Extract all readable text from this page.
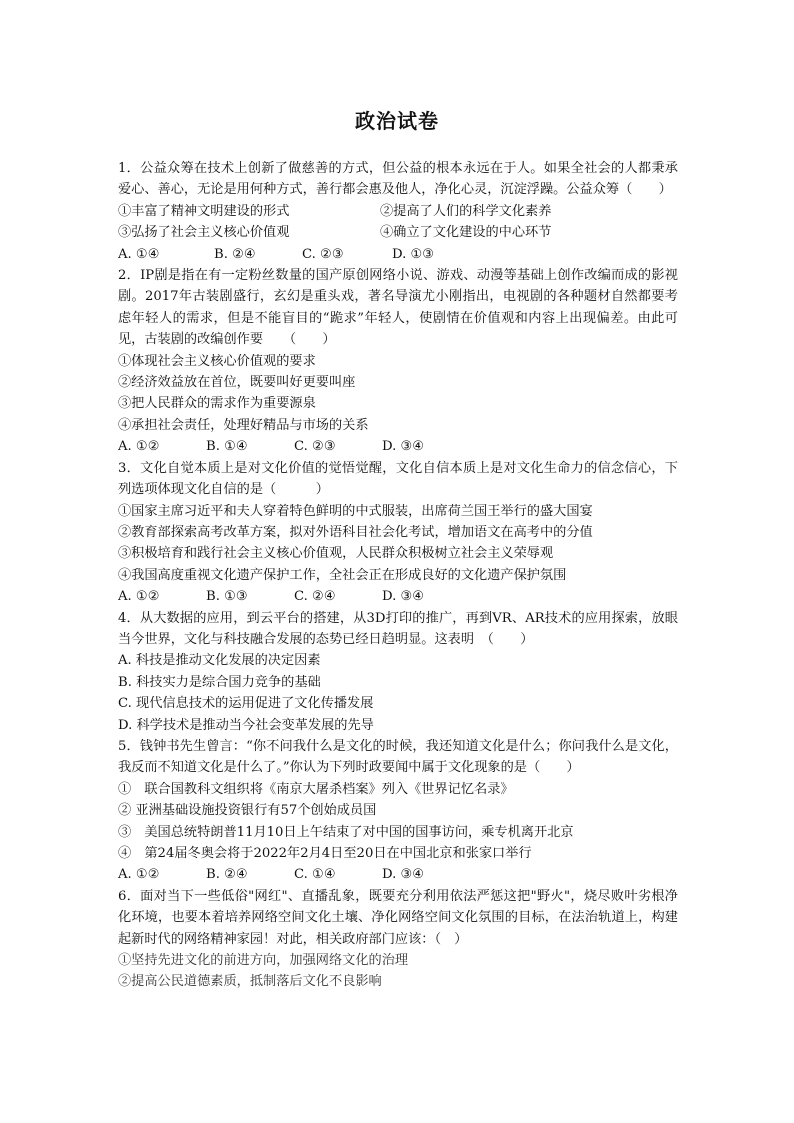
政治试卷

1．公益众筹在技术上创新了做慈善的方式，但公益的根本永远在于人。如果全社会的人都秉承爱心、善心，无论是用何种方式，善行都会惠及他人，净化心灵，沉淀浮躁。公益众筹（　　）

①丰富了精神文明建设的形式	②提高了人们的科学文化素养
③弘扬了社会主义核心价值观	④确立了文化建设的中心环节
A. ①④	B. ②④	C. ②③	D. ①③

2．IP剧是指在有一定粉丝数量的国产原创网络小说、游戏、动漫等基础上创作改编而成的影视剧。2017年古装剧盛行，玄幻是重头戏，著名导演尤小刚指出，电视剧的各种题材自然都要考虑年轻人的需求，但是不能盲目的“跪求”年轻人，使剧情在价值观和内容上出现偏差。由此可见，古装剧的改编创作要　　（　　）

①体现社会主义核心价值观的要求
②经济效益放在首位，既要叫好更要叫座
③把人民群众的需求作为重要源泉
④承担社会责任，处理好精品与市场的关系
A. ①②	B. ①④	C. ②③	D. ③④

3．文化自觉本质上是对文化价值的觉悟觉醒，文化自信本质上是对文化生命力的信念信心，下列选项体现文化自信的是（　　　）

①国家主席习近平和夫人穿着特色鲜明的中式服装，出席荷兰国王举行的盛大国宴
②教育部探索高考改革方案，拟对外语科目社会化考试，增加语文在高考中的分值
③积极培育和践行社会主义核心价值观，人民群众积极树立社会主义荣辱观
④我国高度重视文化遗产保护工作，全社会正在形成良好的文化遗产保护氛围
A. ①②	B. ①③	C. ②④	D. ③④

4．从大数据的应用，到云平台的搭建，从3D打印的推广，再到VR、AR技术的应用探索，放眼当今世界，文化与科技融合发展的态势已经日趋明显。这表明　（　　）

A. 科技是推动文化发展的决定因素
B. 科技实力是综合国力竞争的基础
C. 现代信息技术的运用促进了文化传播发展
D. 科学技术是推动当今社会变革发展的先导

5．钱钟书先生曾言：“你不问我什么是文化的时候，我还知道文化是什么；你问我什么是文化，我反而不知道文化是什么了。”你认为下列时政要闻中属于文化现象的是（　　）

①　联合国教科文组织将《南京大屠杀档案》列入《世界记忆名录》
② 亚洲基础设施投资银行有57个创始成员国
③　美国总统特朗普11月10日上午结束了对中国的国事访问，乘专机离开北京
④　第24届冬奥会将于2022年2月4日至20日在中国北京和张家口举行
A. ①②	B. ②④	C. ①④	D. ③④

6．面对当下一些低俗"网红"、直播乱象，既要充分利用依法严惩这把"野火"，烧尽败叶劣根净化环境，也要本着培养网络空间文化土壤、净化网络空间文化氛围的目标，在法治轨道上，构建起新时代的网络精神家园！对此，相关政府部门应该：（　）

①坚持先进文化的前进方向，加强网络文化的治理
②提高公民道德素质，抵制落后文化不良影响
